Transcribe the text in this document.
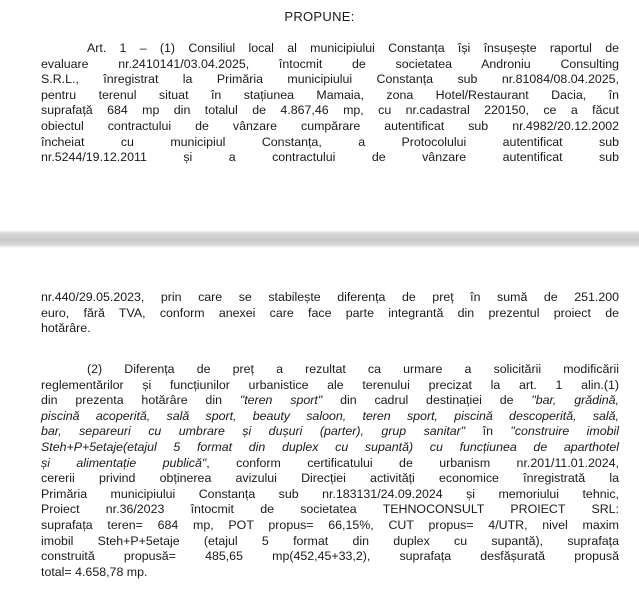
PROPUNE:
Art. 1 – (1) Consiliul local al municipiului Constanța își însușește raportul de
evaluare nr.2410141/03.04.2025, întocmit de societatea Androniu Consulting
S.R.L., înregistrat la Primăria municipiului Constanța sub nr.81084/08.04.2025,
pentru terenul situat în stațiunea Mamaia, zona Hotel/Restaurant Dacia, în
suprafață 684 mp din totalul de 4.867,46 mp, cu nr.cadastral 220150, ce a făcut
obiectul contractului de vânzare cumpărare autentificat sub nr.4982/20.12.2002
încheiat cu municipiul Constanța, a Protocolului autentificat sub
nr.5244/19.12.2011 și a contractului de vânzare autentificat sub
nr.440/29.05.2023, prin care se stabilește diferența de preț în sumă de 251.200
euro, fără TVA, conform anexei care face parte integrantă din prezentul proiect de
hotărâre.
(2) Diferența de preț a rezultat ca urmare a solicitării modificării
reglementărilor și funcțiunilor urbanistice ale terenului precizat la art. 1 alin.(1)
din prezenta hotărâre din "teren sport" din cadrul destinației de "bar, grădină,
piscină acoperită, sală sport, beauty saloon, teren sport, piscină descoperită, sală,
bar, separeuri cu umbrare și dușuri (parter), grup sanitar" în "construire imobil
Steh+P+5etaje(etajul 5 format din duplex cu supantă) cu funcțiunea de aparthotel
și alimentație publică", conform certificatului de urbanism nr.201/11.01.2024,
cererii privind obținerea avizului Direcției activități economice înregistrată la
Primăria municipiului Constanța sub nr.183131/24.09.2024 și memoriului tehnic,
Proiect nr.36/2023 întocmit de societatea TEHNOCONSULT PROIECT SRL:
suprafața teren= 684 mp, POT propus= 66,15%, CUT propus= 4/UTR, nivel maxim
imobil Steh+P+5etaje (etajul 5 format din duplex cu supantă), suprafața
construită propusă= 485,65 mp(452,45+33,2), suprafața desfășurată propusă
total= 4.658,78 mp.
